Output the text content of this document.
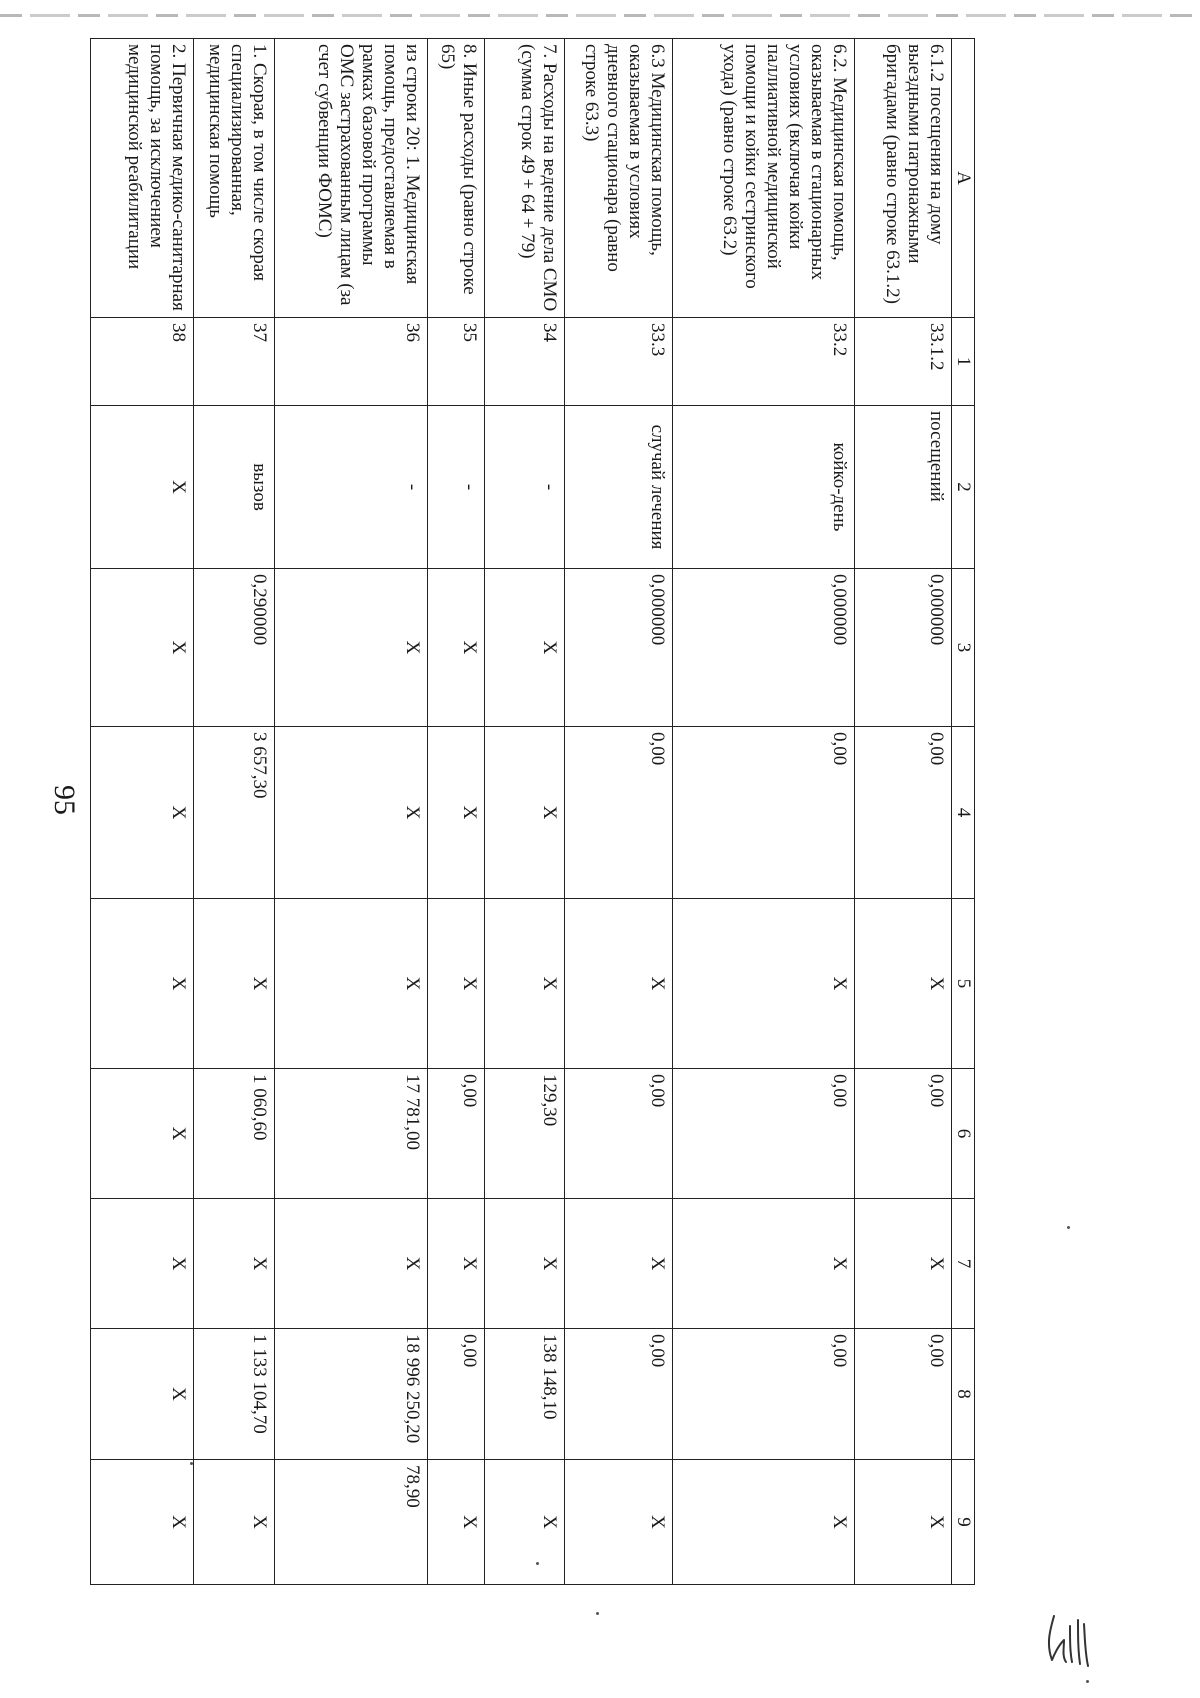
95
A	1	2	3	4	5	6	7	8	9
6.1.2 посещения на дому выездными патронажными бригадами (равно строке 63.1.2)	33.1.2	посещений	0,000000	0,00	X	0,00	X	0,00	X
6.2. Медицинская помощь, оказываемая в стационарных условиях (включая койки паллиативной медицинской помощи и койки сестринского ухода) (равно строке 63.2)	33.2	койко-день	0,000000	0,00	X	0,00	X	0,00	X
6.3 Медицинская помощь, оказываемая в условиях дневного стационара (равно строке 63.3)	33.3	случай лечения	0,000000	0,00	X	0,00	X	0,00	X
7. Расходы на ведение дела СМО (сумма строк 49 + 64 + 79)	34	-	X	X	X	129,30	X	138 148,10	X
8. Иные расходы (равно строке 65)	35	-	X	X	X	0,00	X	0,00	X
из строки 20: 1. Медицинская помощь, предоставляемая в рамках базовой программы ОМС застрахованным лицам (за счет субвенции ФОМС)	36	-	X	X	X	17 781,00	X	18 996 250,20	78,90
1. Скорая, в том числе скорая специализированная, медицинская помощь	37	вызов	0,290000	3 657,30	X	1 060,60	X	1 133 104,70	X
2. Первичная медико-санитарная помощь, за исключением медицинской реабилитации	38	X	X	X	X	X	X	X	X
